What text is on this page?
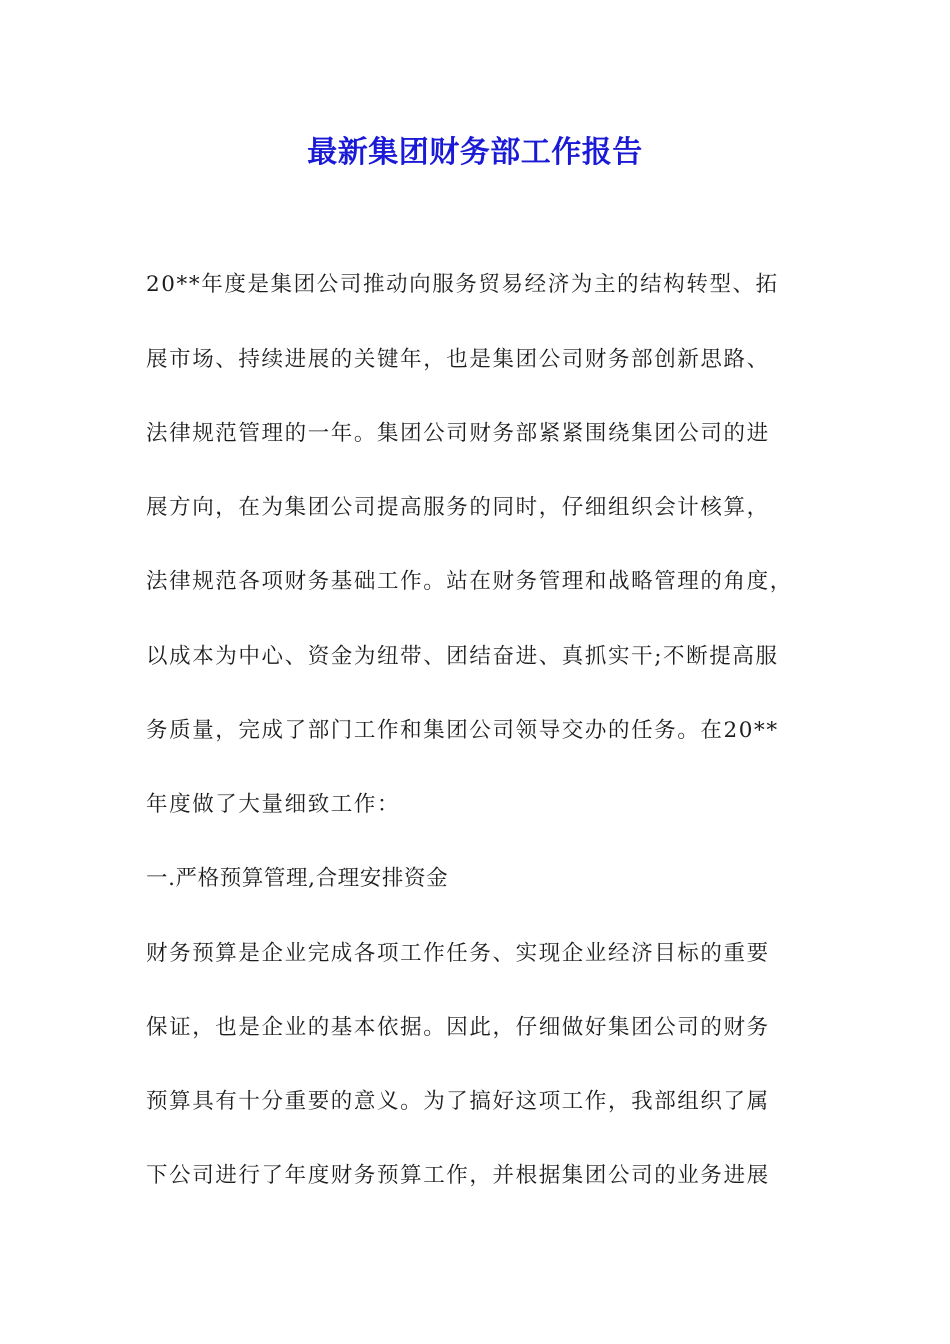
最新集团财务部工作报告

20**年度是集团公司推动向服务贸易经济为主的结构转型、拓

展市场、持续进展的关键年，也是集团公司财务部创新思路、

法律规范管理的一年。集团公司财务部紧紧围绕集团公司的进

展方向，在为集团公司提高服务的同时，仔细组织会计核算，

法律规范各项财务基础工作。站在财务管理和战略管理的角度，

以成本为中心、资金为纽带、团结奋进、真抓实干;不断提高服

务质量，完成了部门工作和集团公司领导交办的任务。在20**

年度做了大量细致工作：

一.严格预算管理,合理安排资金

财务预算是企业完成各项工作任务、实现企业经济目标的重要

保证，也是企业的基本依据。因此，仔细做好集团公司的财务

预算具有十分重要的意义。为了搞好这项工作，我部组织了属

下公司进行了年度财务预算工作，并根据集团公司的业务进展
